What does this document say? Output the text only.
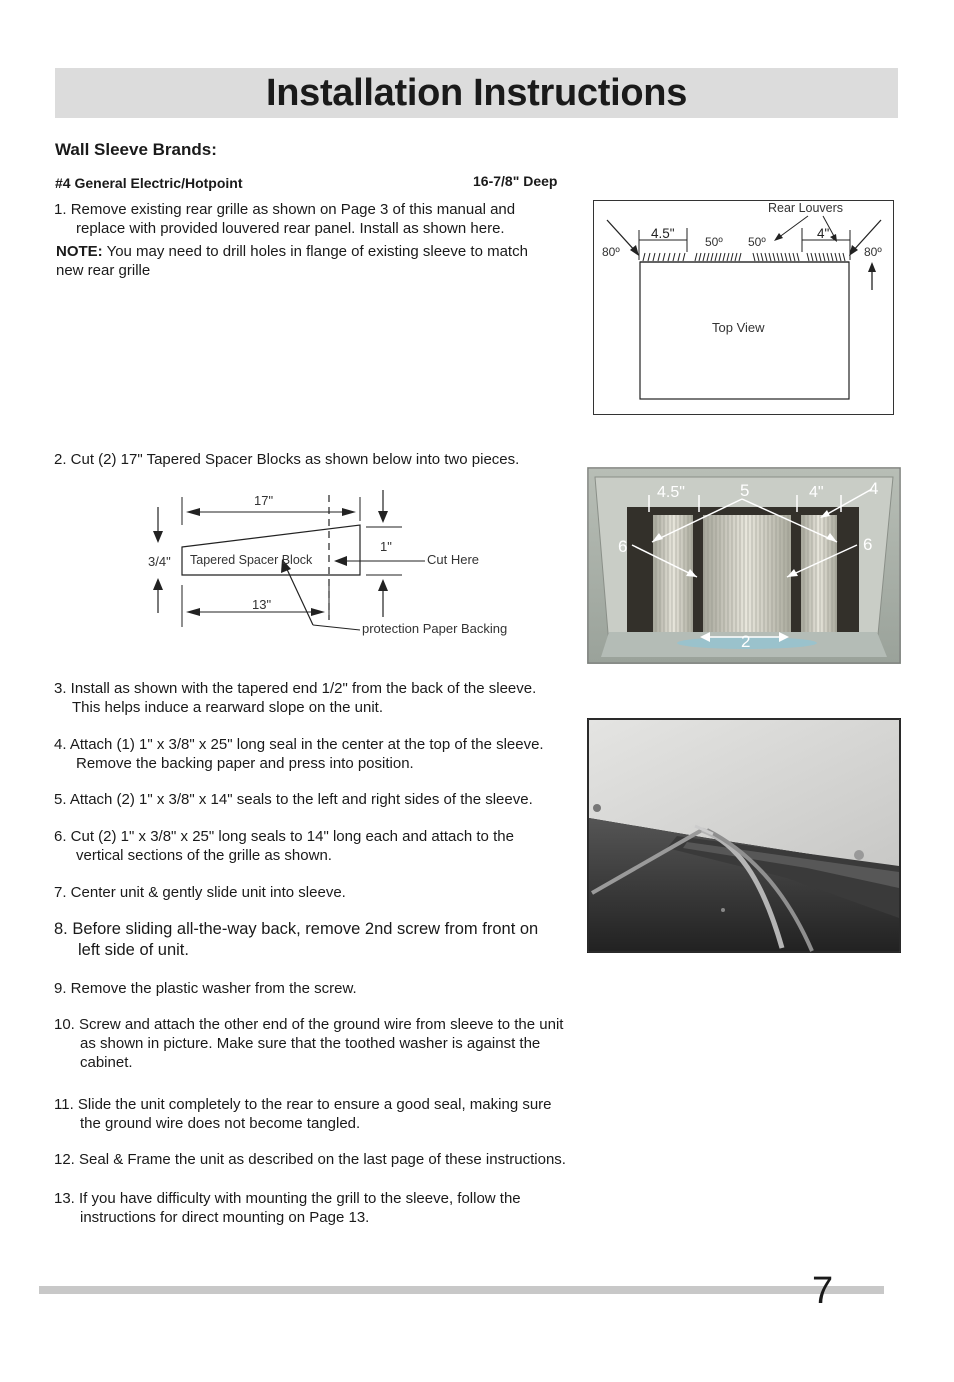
Installation Instructions
Wall Sleeve Brands:
#4 General Electric/Hotpoint	16-7/8" Deep
1. Remove existing rear grille as shown on Page 3 of this manual and
replace with provided louvered rear panel. Install as shown here.
NOTE: You may need to drill holes in flange of existing sleeve to match
new rear grille
Rear Louvers
4.5"	4"
50º 50º
80º	80º
Top View
2. Cut (2) 17" Tapered Spacer Blocks as shown below into two pieces.
17"
13"
3/4"
1"
Tapered Spacer Block	Cut Here
protection Paper Backing
4.5"	4"
5	4
6	6
2
3. Install as shown with the tapered end 1/2" from the back of the sleeve.
This helps induce a rearward slope on the unit.
4. Attach (1) 1" x 3/8" x 25" long seal in the center at the top of the sleeve.
Remove the backing paper and press into position.
5. Attach (2) 1" x 3/8" x 14" seals to the left and right sides of the sleeve.
6. Cut (2) 1" x 3/8" x 25" long seals to 14" long each and attach to the
vertical sections of the grille as shown.
7. Center unit & gently slide unit into sleeve.
8. Before sliding all-the-way back, remove 2nd screw from front on
left side of unit.
9. Remove the plastic washer from the screw.
10. Screw and attach the other end of the ground wire from sleeve to the unit
as shown in picture. Make sure that the toothed washer is against the
cabinet.
11. Slide the unit completely to the rear to ensure a good seal, making sure
the ground wire does not become tangled.
12. Seal & Frame the unit as described on the last page of these instructions.
13. If you have difficulty with mounting the grill to the sleeve, follow the
instructions for direct mounting on Page 13.
7
